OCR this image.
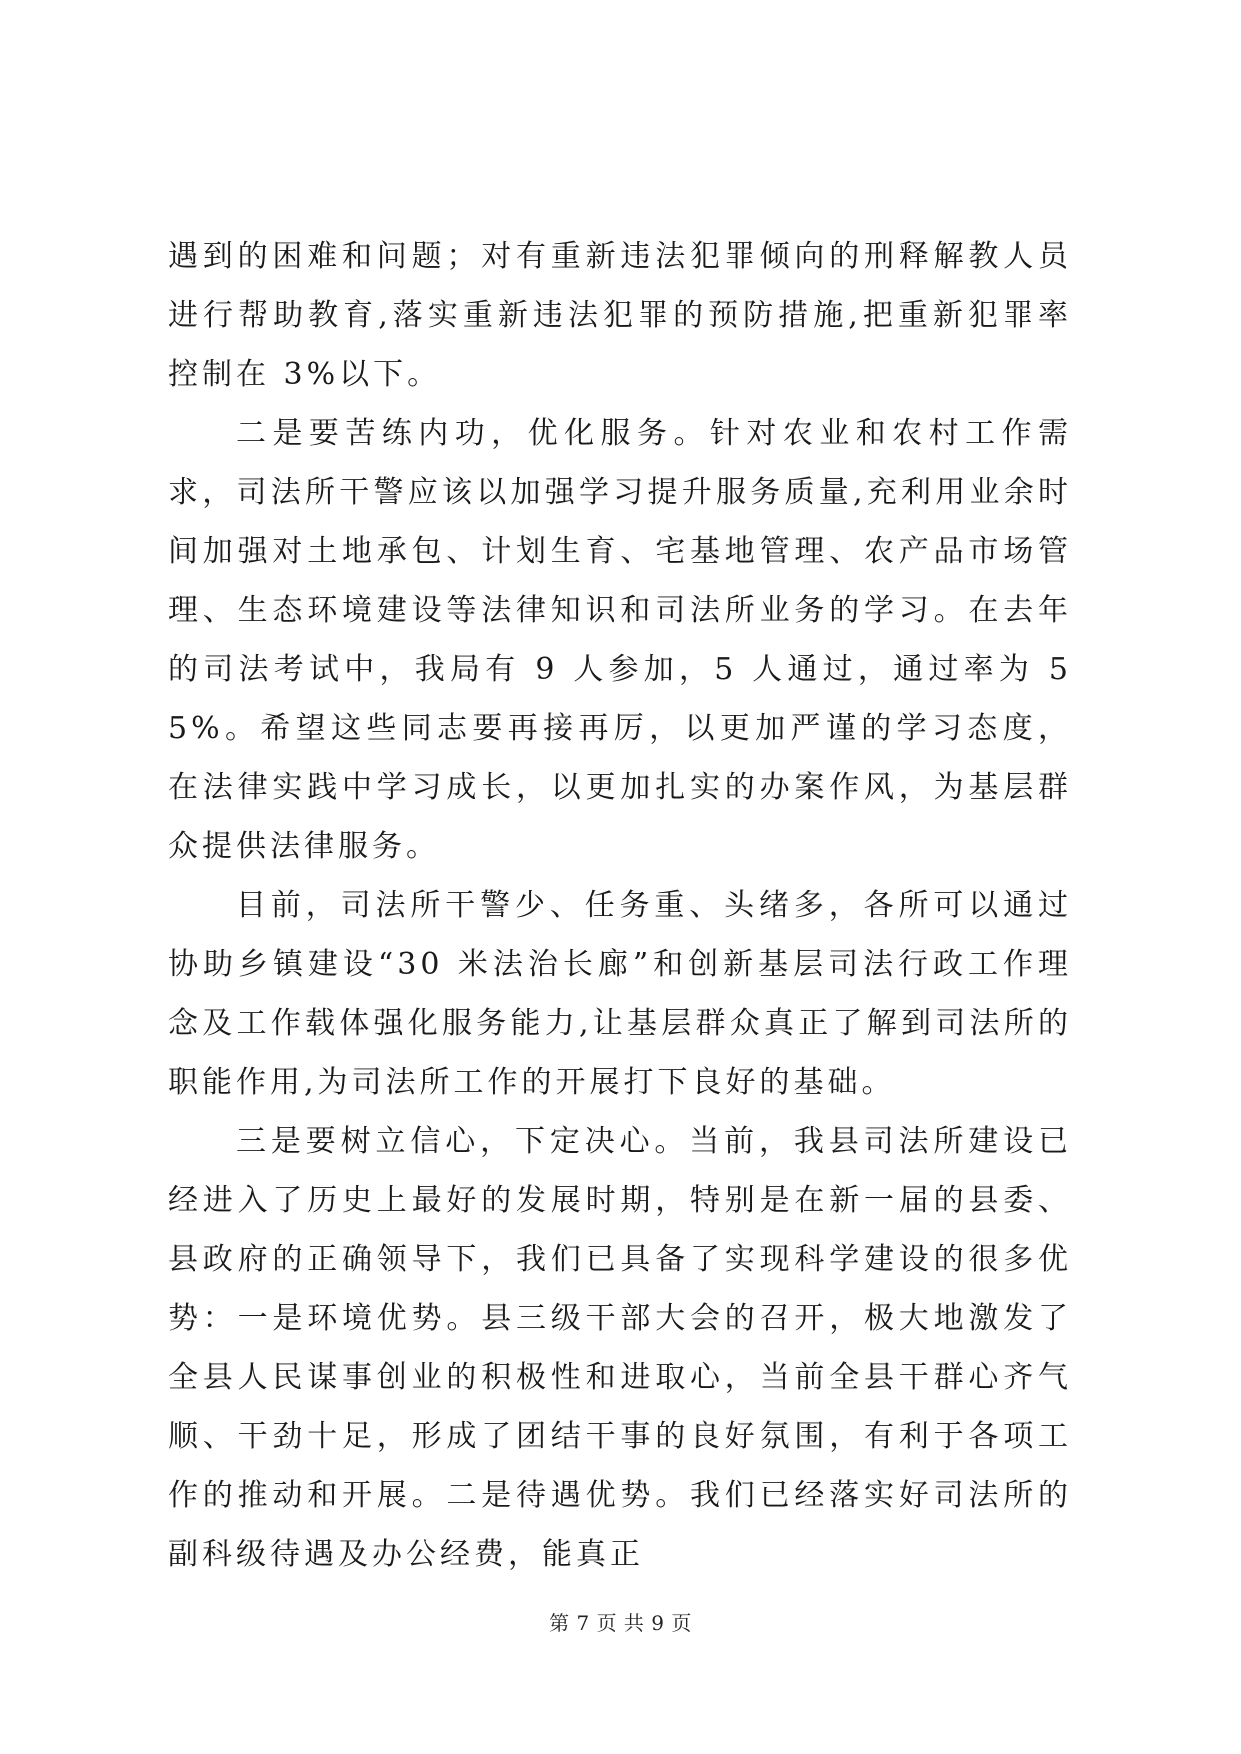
遇到的困难和问题；对有重新违法犯罪倾向的刑释解教人员进行帮助教育,落实重新违法犯罪的预防措施,把重新犯罪率控制在 3%以下。

二是要苦练内功，优化服务。针对农业和农村工作需求，司法所干警应该以加强学习提升服务质量,充利用业余时间加强对土地承包、计划生育、宅基地管理、农产品市场管理、生态环境建设等法律知识和司法所业务的学习。在去年的司法考试中，我局有 9 人参加，5 人通过，通过率为 55%。希望这些同志要再接再厉，以更加严谨的学习态度，在法律实践中学习成长，以更加扎实的办案作风，为基层群众提供法律服务。

目前，司法所干警少、任务重、头绪多，各所可以通过协助乡镇建设“30 米法治长廊”和创新基层司法行政工作理念及工作载体强化服务能力,让基层群众真正了解到司法所的职能作用,为司法所工作的开展打下良好的基础。

三是要树立信心，下定决心。当前，我县司法所建设已经进入了历史上最好的发展时期，特别是在新一届的县委、县政府的正确领导下，我们已具备了实现科学建设的很多优势：一是环境优势。县三级干部大会的召开，极大地激发了全县人民谋事创业的积极性和进取心，当前全县干群心齐气顺、干劲十足，形成了团结干事的良好氛围，有利于各项工作的推动和开展。二是待遇优势。我们已经落实好司法所的副科级待遇及办公经费，能真正

第 7 页 共 9 页
